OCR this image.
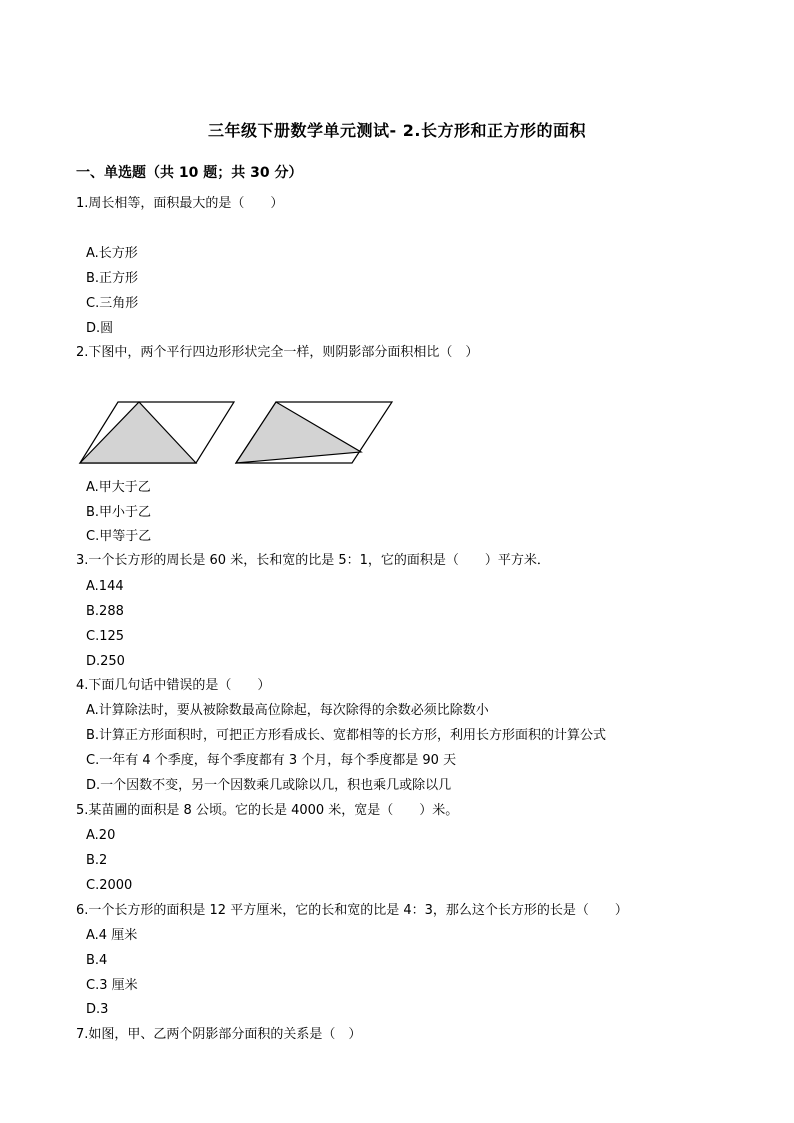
三年级下册数学单元测试- 2.长方形和正方形的面积
一、单选题（共 10 题；共 30 分）
1.周长相等，面积最大的是（　　）
A.长方形
B.正方形
C.三角形
D.圆
2.下图中，两个平行四边形形状完全一样，则阴影部分面积相比（　）
A.甲大于乙
B.甲小于乙
C.甲等于乙
3.一个长方形的周长是 60 米，长和宽的比是 5：1，它的面积是（　　）平方米．
A.144
B.288
C.125
D.250
4.下面几句话中错误的是（　　）
A.计算除法时，要从被除数最高位除起，每次除得的余数必须比除数小
B.计算正方形面积时，可把正方形看成长、宽都相等的长方形，利用长方形面积的计算公式
C.一年有 4 个季度，每个季度都有 3 个月，每个季度都是 90 天
D.一个因数不变，另一个因数乘几或除以几，积也乘几或除以几
5.某苗圃的面积是 8 公顷。它的长是 4000 米，宽是（　　）米。
A.20
B.2
C.2000
6.一个长方形的面积是 12 平方厘米，它的长和宽的比是 4：3，那么这个长方形的长是（　　）
A.4 厘米
B.4
C.3 厘米
D.3
7.如图，甲、乙两个阴影部分面积的关系是（　）
